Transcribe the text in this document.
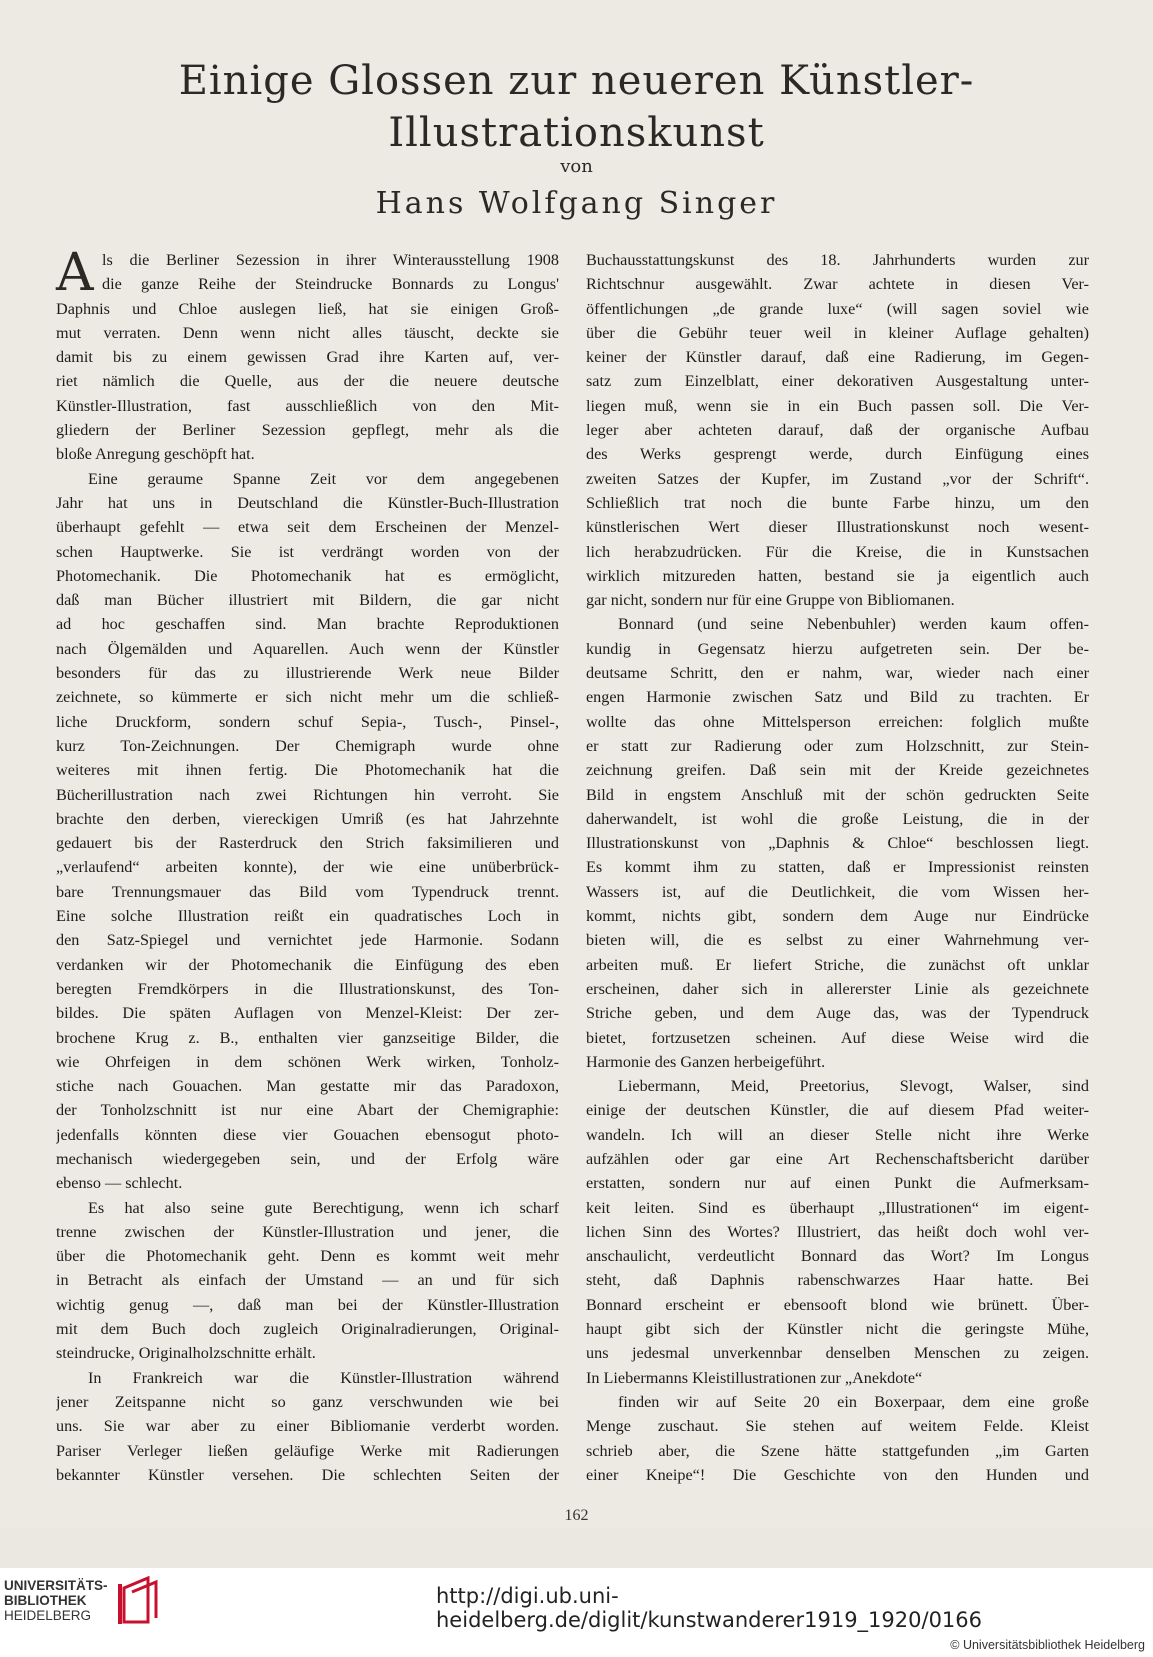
Einige Glossen zur neueren Künstler-
Illustrationskunst
von
Hans Wolfgang Singer
A ls die Berliner Sezession in ihrer Winterausstellung 1908
die ganze Reihe der Steindrucke Bonnards zu Longus'
Daphnis und Chloe auslegen ließ, hat sie einigen Groß-
mut verraten. Denn wenn nicht alles täuscht, deckte sie
damit bis zu einem gewissen Grad ihre Karten auf, ver-
riet nämlich die Quelle, aus der die neuere deutsche
Künstler-Illustration, fast ausschließlich von den Mit-
gliedern der Berliner Sezession gepflegt, mehr als die
bloße Anregung geschöpft hat.
Eine geraume Spanne Zeit vor dem angegebenen
Jahr hat uns in Deutschland die Künstler-Buch-Illustration
überhaupt gefehlt — etwa seit dem Erscheinen der Menzel-
schen Hauptwerke. Sie ist verdrängt worden von der
Photomechanik. Die Photomechanik hat es ermöglicht,
daß man Bücher illustriert mit Bildern, die gar nicht
ad hoc geschaffen sind. Man brachte Reproduktionen
nach Ölgemälden und Aquarellen. Auch wenn der Künstler
besonders für das zu illustrierende Werk neue Bilder
zeichnete, so kümmerte er sich nicht mehr um die schließ-
liche Druckform, sondern schuf Sepia-, Tusch-, Pinsel-,
kurz Ton-Zeichnungen. Der Chemigraph wurde ohne
weiteres mit ihnen fertig. Die Photomechanik hat die
Bücherillustration nach zwei Richtungen hin verroht. Sie
brachte den derben, viereckigen Umriß (es hat Jahrzehnte
gedauert bis der Rasterdruck den Strich faksimilieren und
„verlaufend“ arbeiten konnte), der wie eine unüberbrück-
bare Trennungsmauer das Bild vom Typendruck trennt.
Eine solche Illustration reißt ein quadratisches Loch in
den Satz-Spiegel und vernichtet jede Harmonie. Sodann
verdanken wir der Photomechanik die Einfügung des eben
beregten Fremdkörpers in die Illustrationskunst, des Ton-
bildes. Die späten Auflagen von Menzel-Kleist: Der zer-
brochene Krug z. B., enthalten vier ganzseitige Bilder, die
wie Ohrfeigen in dem schönen Werk wirken, Tonholz-
stiche nach Gouachen. Man gestatte mir das Paradoxon,
der Tonholzschnitt ist nur eine Abart der Chemigraphie:
jedenfalls könnten diese vier Gouachen ebensogut photo-
mechanisch wiedergegeben sein, und der Erfolg wäre
ebenso — schlecht.
Es hat also seine gute Berechtigung, wenn ich scharf
trenne zwischen der Künstler-Illustration und jener, die
über die Photomechanik geht. Denn es kommt weit mehr
in Betracht als einfach der Umstand — an und für sich
wichtig genug —, daß man bei der Künstler-Illustration
mit dem Buch doch zugleich Originalradierungen, Original-
steindrucke, Originalholzschnitte erhält.
In Frankreich war die Künstler-Illustration während
jener Zeitspanne nicht so ganz verschwunden wie bei
uns. Sie war aber zu einer Bibliomanie verderbt worden.
Pariser Verleger ließen geläufige Werke mit Radierungen
bekannter Künstler versehen. Die schlechten Seiten der
Buchausstattungskunst des 18. Jahrhunderts wurden zur
Richtschnur ausgewählt. Zwar achtete in diesen Ver-
öffentlichungen „de grande luxe“ (will sagen soviel wie
über die Gebühr teuer weil in kleiner Auflage gehalten)
keiner der Künstler darauf, daß eine Radierung, im Gegen-
satz zum Einzelblatt, einer dekorativen Ausgestaltung unter-
liegen muß, wenn sie in ein Buch passen soll. Die Ver-
leger aber achteten darauf, daß der organische Aufbau
des Werks gesprengt werde, durch Einfügung eines
zweiten Satzes der Kupfer, im Zustand „vor der Schrift“.
Schließlich trat noch die bunte Farbe hinzu, um den
künstlerischen Wert dieser Illustrationskunst noch wesent-
lich herabzudrücken. Für die Kreise, die in Kunstsachen
wirklich mitzureden hatten, bestand sie ja eigentlich auch
gar nicht, sondern nur für eine Gruppe von Bibliomanen.
Bonnard (und seine Nebenbuhler) werden kaum offen-
kundig in Gegensatz hierzu aufgetreten sein. Der be-
deutsame Schritt, den er nahm, war, wieder nach einer
engen Harmonie zwischen Satz und Bild zu trachten. Er
wollte das ohne Mittelsperson erreichen: folglich mußte
er statt zur Radierung oder zum Holzschnitt, zur Stein-
zeichnung greifen. Daß sein mit der Kreide gezeichnetes
Bild in engstem Anschluß mit der schön gedruckten Seite
daherwandelt, ist wohl die große Leistung, die in der
Illustrationskunst von „Daphnis & Chloe“ beschlossen liegt.
Es kommt ihm zu statten, daß er Impressionist reinsten
Wassers ist, auf die Deutlichkeit, die vom Wissen her-
kommt, nichts gibt, sondern dem Auge nur Eindrücke
bieten will, die es selbst zu einer Wahrnehmung ver-
arbeiten muß. Er liefert Striche, die zunächst oft unklar
erscheinen, daher sich in allererster Linie als gezeichnete
Striche geben, und dem Auge das, was der Typendruck
bietet, fortzusetzen scheinen. Auf diese Weise wird die
Harmonie des Ganzen herbeigeführt.
Liebermann, Meid, Preetorius, Slevogt, Walser, sind
einige der deutschen Künstler, die auf diesem Pfad weiter-
wandeln. Ich will an dieser Stelle nicht ihre Werke
aufzählen oder gar eine Art Rechenschaftsbericht darüber
erstatten, sondern nur auf einen Punkt die Aufmerksam-
keit leiten. Sind es überhaupt „Illustrationen“ im eigent-
lichen Sinn des Wortes? Illustriert, das heißt doch wohl ver-
anschaulicht, verdeutlicht Bonnard das Wort? Im Longus
steht, daß Daphnis rabenschwarzes Haar hatte. Bei
Bonnard erscheint er ebensooft blond wie brünett. Über-
haupt gibt sich der Künstler nicht die geringste Mühe,
uns jedesmal unverkennbar denselben Menschen zu zeigen.
In Liebermanns Kleistillustrationen zur „Anekdote“
finden wir auf Seite 20 ein Boxerpaar, dem eine große
Menge zuschaut. Sie stehen auf weitem Felde. Kleist
schrieb aber, die Szene hätte stattgefunden „im Garten
einer Kneipe“! Die Geschichte von den Hunden und
162
UNIVERSITÄTS-
BIBLIOTHEK
HEIDELBERG
http://digi.ub.uni-heidelberg.de/diglit/kunstwanderer1919_1920/0166
© Universitätsbibliothek Heidelberg
